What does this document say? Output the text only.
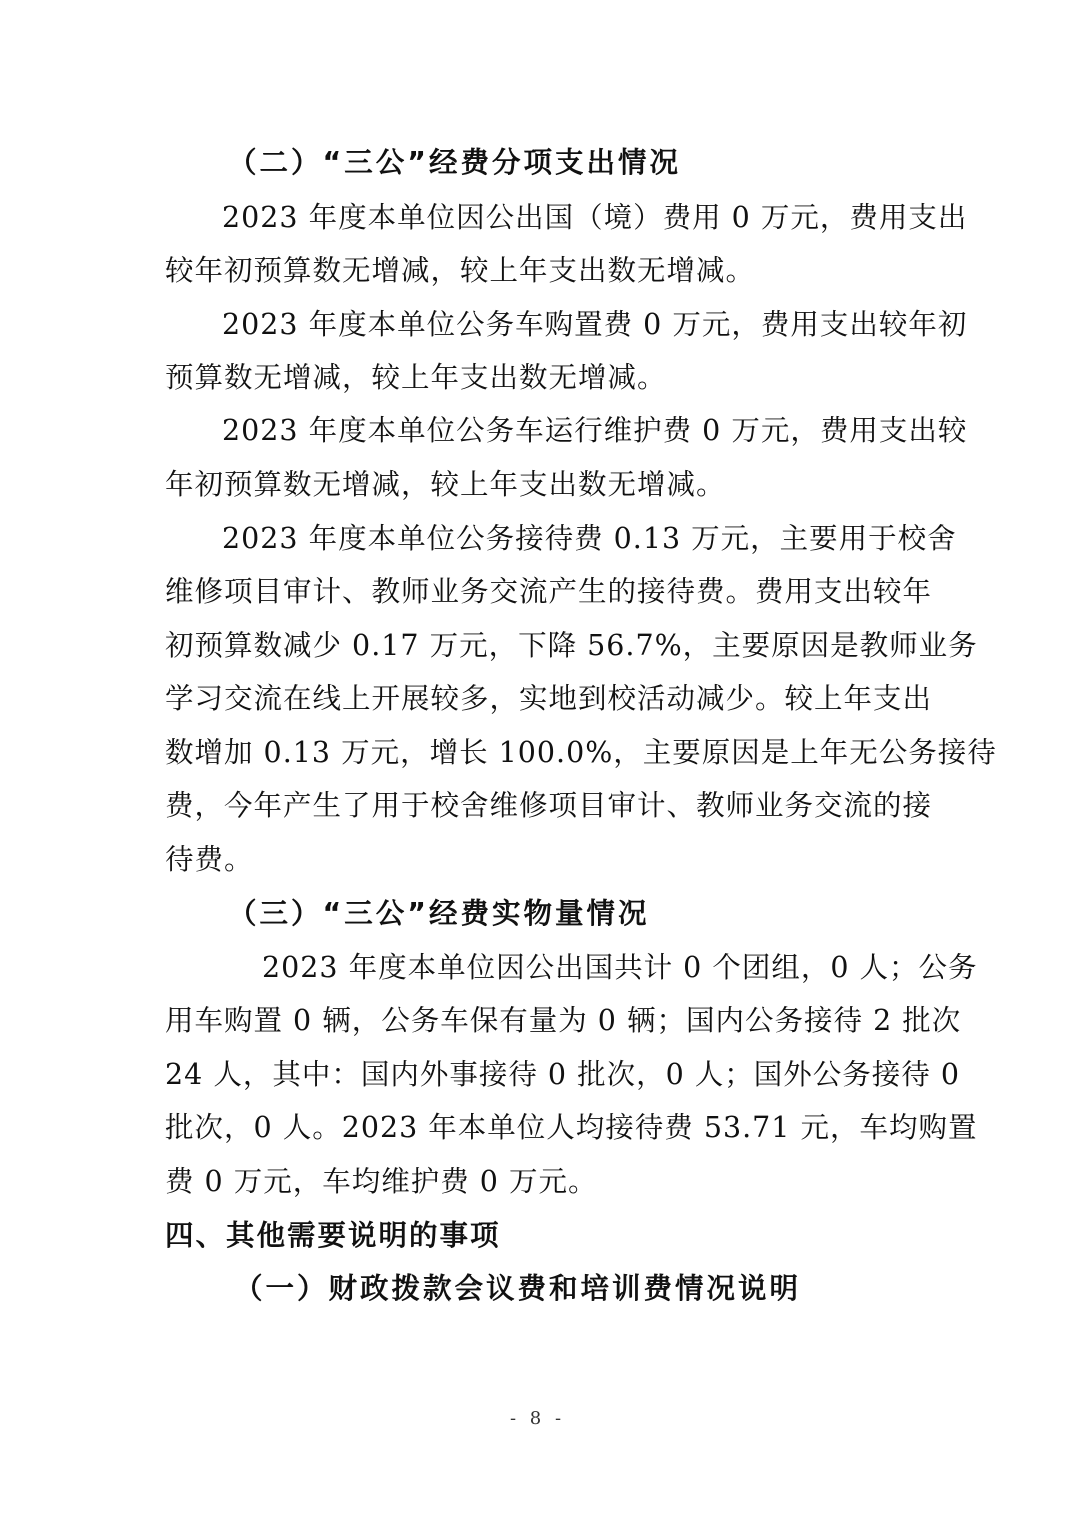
（二）“三公”经费分项支出情况
2023 年度本单位因公出国（境）费用 0 万元，费用支出
较年初预算数无增减，较上年支出数无增减。
2023 年度本单位公务车购置费 0 万元，费用支出较年初
预算数无增减，较上年支出数无增减。
2023 年度本单位公务车运行维护费 0 万元，费用支出较
年初预算数无增减，较上年支出数无增减。
2023 年度本单位公务接待费 0.13 万元，主要用于校舍
维修项目审计、教师业务交流产生的接待费。费用支出较年
初预算数减少 0.17 万元，下降 56.7%，主要原因是教师业务
学习交流在线上开展较多，实地到校活动减少。较上年支出
数增加 0.13 万元，增长 100.0%，主要原因是上年无公务接待
费，今年产生了用于校舍维修项目审计、教师业务交流的接
待费。
（三）“三公”经费实物量情况
2023 年度本单位因公出国共计 0 个团组，0 人；公务
用车购置 0 辆，公务车保有量为 0 辆；国内公务接待 2 批次
24 人，其中：国内外事接待 0 批次，0 人；国外公务接待 0
批次，0 人。2023 年本单位人均接待费 53.71 元，车均购置
费 0 万元，车均维护费 0 万元。
四、其他需要说明的事项
（一）财政拨款会议费和培训费情况说明
- 8 -
